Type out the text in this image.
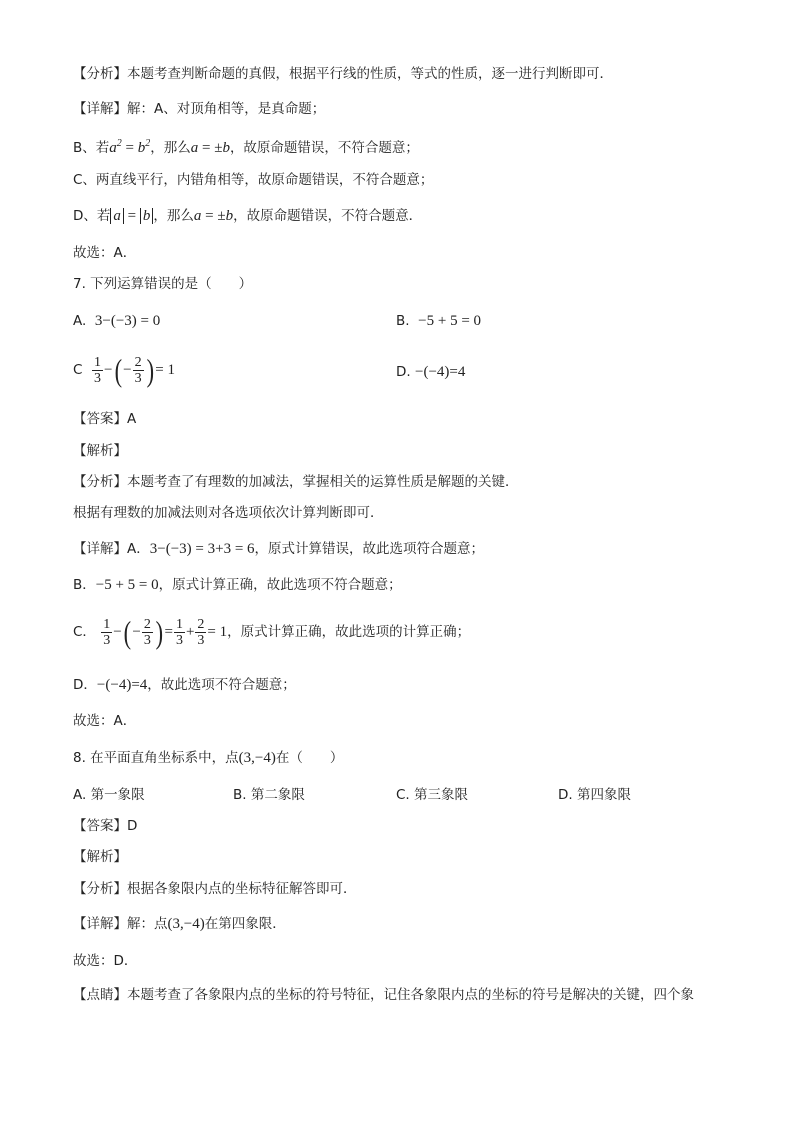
【分析】本题考查判断命题的真假，根据平行线的性质，等式的性质，逐一进行判断即可．
【详解】解：A、对顶角相等，是真命题；
B、若$a^2 = b^2$，那么a = ±b，故原命题错误，不符合题意；
C、两直线平行，内错角相等，故原命题错误，不符合题意；
D、若 a = b ，那么a = ±b，故原命题错误，不符合题意．
故选：A．
7. 下列运算错误的是（　　）
A. 3−(−3) = 0	B. −5 + 5 = 0
C $\frac{1}{3}$ −( − $\frac{2}{3}$ ) = 1	D. −(−4)=4
【答案】A
【解析】
【分析】本题考查了有理数的加减法，掌握相关的运算性质是解题的关键．
根据有理数的加减法则对各选项依次计算判断即可．
【详解】A．3−(−3) = 3+3 = 6，原式计算错误，故此选项符合题意；
B．−5 + 5 = 0，原式计算正确，故此选项不符合题意；
C． $\frac{1}{3}$ −( − $\frac{2}{3}$ ) = $\frac{1}{3} + \frac{2}{3} = 1$，原式计算正确，故此选项的计算正确；
D．−(−4)=4，故此选项不符合题意；
故选：A．
8. 在平面直角坐标系中，点(3,−4)在（　　）
A. 第一象限	B. 第二象限	C. 第三象限	D. 第四象限
【答案】D
【解析】
【分析】根据各象限内点的坐标特征解答即可．
【详解】解：点(3,−4)在第四象限．
故选：D．
【点睛】本题考查了各象限内点的坐标的符号特征，记住各象限内点的坐标的符号是解决的关键，四个象
